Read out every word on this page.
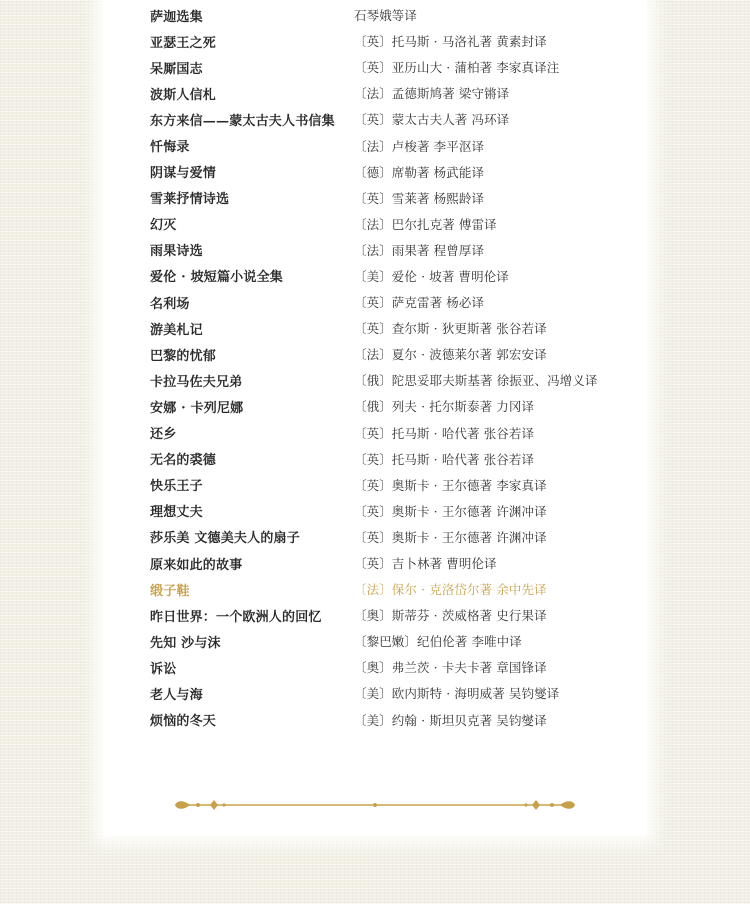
萨迦选集	石琴娥等译
亚瑟王之死	〔英〕托马斯 · 马洛礼著 黄素封译
呆厮国志	〔英〕亚历山大 · 蒲柏著 李家真译注
波斯人信札	〔法〕孟德斯鸠著 梁守锵译
东方来信——蒙太古夫人书信集	〔英〕蒙太古夫人著 冯环译
忏悔录	〔法〕卢梭著 李平沤译
阴谋与爱情	〔德〕席勒著 杨武能译
雪莱抒情诗选	〔英〕雪莱著 杨熙龄译
幻灭	〔法〕巴尔扎克著 傅雷译
雨果诗选	〔法〕雨果著 程曾厚译
爱伦 · 坡短篇小说全集	〔美〕爱伦 · 坡著 曹明伦译
名利场	〔英〕萨克雷著 杨必译
游美札记	〔英〕查尔斯 · 狄更斯著 张谷若译
巴黎的忧郁	〔法〕夏尔 · 波德莱尔著 郭宏安译
卡拉马佐夫兄弟	〔俄〕陀思妥耶夫斯基著 徐振亚、冯增义译
安娜 · 卡列尼娜	〔俄〕列夫 · 托尔斯泰著 力冈译
还乡	〔英〕托马斯 · 哈代著 张谷若译
无名的裘德	〔英〕托马斯 · 哈代著 张谷若译
快乐王子	〔英〕奥斯卡 · 王尔德著 李家真译
理想丈夫	〔英〕奥斯卡 · 王尔德著 许渊冲译
莎乐美 文德美夫人的扇子	〔英〕奥斯卡 · 王尔德著 许渊冲译
原来如此的故事	〔英〕吉卜林著 曹明伦译
缎子鞋	〔法〕保尔 · 克洛岱尔著 余中先译
昨日世界：一个欧洲人的回忆	〔奥〕斯蒂芬 · 茨威格著 史行果译
先知 沙与沫	〔黎巴嫩〕纪伯伦著 李唯中译
诉讼	〔奥〕弗兰茨 · 卡夫卡著 章国锋译
老人与海	〔美〕欧内斯特 · 海明威著 吴钧燮译
烦恼的冬天	〔美〕约翰 · 斯坦贝克著 吴钧燮译
